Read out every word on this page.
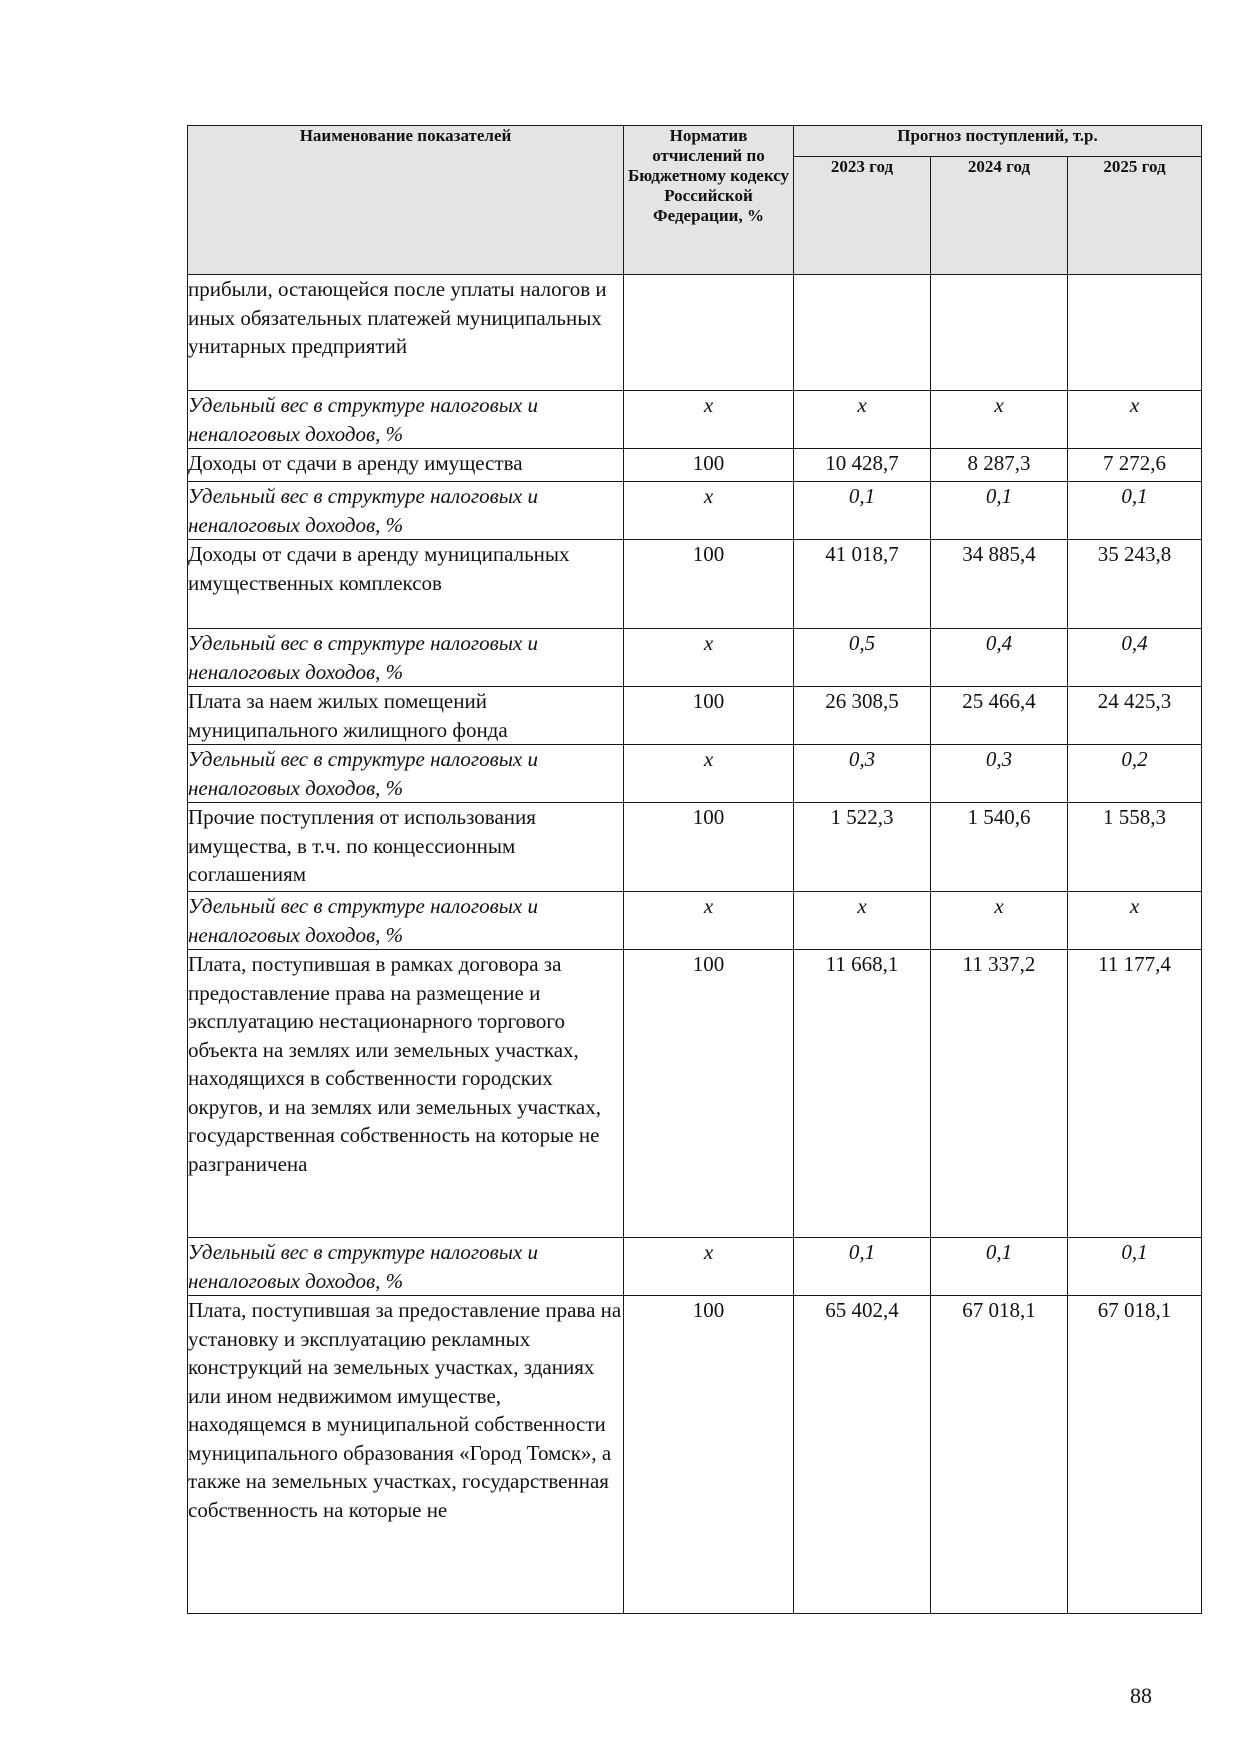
Наименование показателей	Норматив отчислений по Бюджетному кодексу Российской Федерации, %	Прогноз поступлений, т.р.		
		2023 год	2024 год	2025 год
прибыли, остающейся после уплаты налогов и иных обязательных платежей муниципальных унитарных предприятий				
Удельный вес в структуре налоговых и неналоговых доходов, %	x	x	x	x
Доходы от сдачи в аренду имущества	100	10 428,7	8 287,3	7 272,6
Удельный вес в структуре налоговых и неналоговых доходов, %	x	0,1	0,1	0,1
Доходы от сдачи в аренду муниципальных имущественных комплексов	100	41 018,7	34 885,4	35 243,8
Удельный вес в структуре налоговых и неналоговых доходов, %	x	0,5	0,4	0,4
Плата за наем жилых помещений муниципального жилищного фонда	100	26 308,5	25 466,4	24 425,3
Удельный вес в структуре налоговых и неналоговых доходов, %	x	0,3	0,3	0,2
Прочие поступления от использования имущества, в т.ч. по концессионным соглашениям	100	1 522,3	1 540,6	1 558,3
Удельный вес в структуре налоговых и неналоговых доходов, %	x	x	x	x
Плата, поступившая в рамках договора за предоставление права на размещение и эксплуатацию нестационарного торгового объекта на землях или земельных участках, находящихся в собственности городских округов, и на землях или земельных участках, государственная собственность на которые не разграничена	100	11 668,1	11 337,2	11 177,4
Удельный вес в структуре налоговых и неналоговых доходов, %	x	0,1	0,1	0,1
Плата, поступившая за предоставление права на установку и эксплуатацию рекламных конструкций на земельных участках, зданиях или ином недвижимом имуществе, находящемся в муниципальной собственности муниципального образования «Город Томск», а также на земельных участках, государственная собственность на которые не	100	65 402,4	67 018,1	67 018,1
88
